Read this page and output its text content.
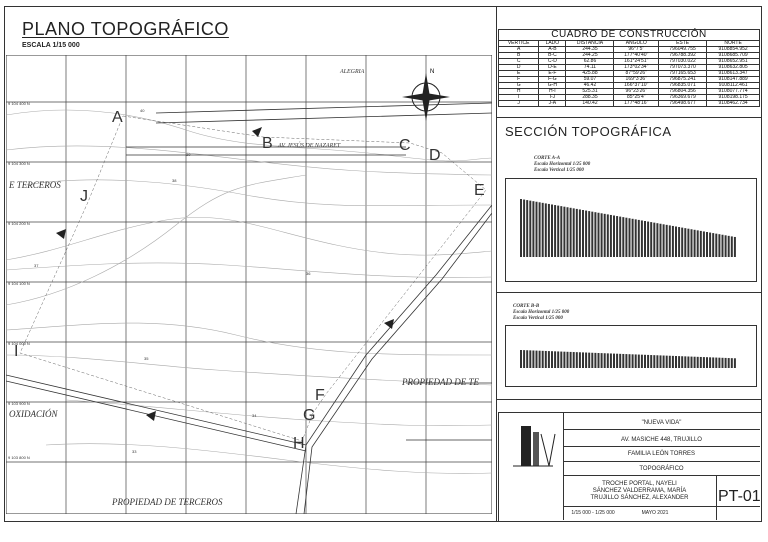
PLANO TOPOGRÁFICO
ESCALA 1/15 000
N
A
B	C
D
E
F
G
H
I
J
ALEGRIA
AV. JESÚS DE NAZARET
E TERCEROS
PROPIEDAD DE TE
OXIDACIÓN
PROPIEDAD DE TERCEROS
9 104 400 N
9 104 300 N
9 104 200 N
9 104 100 N
9 104 000 N
9 103 900 N
9 103 800 N
40
39
38
37
36
35
34
33
CUADRO DE CONSTRUCCIÓN					
VERTICE	LADO	DISTANCIA	ANGULO	ESTE	NORTE
A	A-B	244.35	96°7'5"	796049.755	9108854.952
B	B-C	244.25	177°40'40"	796788.392	9108685.709
C	C-D	62.86	161°24'51"	797030.022	9108652.951
D	D-E	74.11	173°02'34"	797073.370	9108632.805
E	E-F	425.88	87°59'26"	797165.653	9108613.347
F	F-G	59.07	169°3'36"	796875.241	9108147.889
G	G-H	46.42	166°37'10"	796835.071	9108112.461
H	H-I	525.31	96°23'26"	796804.356	9108077.774
I	I-J	288.35	85°25'4"	796369.679	9108198.175
J	J-A	140.42	177°48'16"	796498.677	9108462.734
SECCIÓN TOPOGRÁFICA
CORTE A-A
Escala Horizontal 1/25 000
Escala Vertical 1/25 000
CORTE B-B
Escala Horizontal 1/25 000
Escala Vertical 1/25 000
"NUEVA VIDA"
AV. MASICHE 448, TRUJILLO
FAMILIA LEÓN TORRES
TOPOGRÁFICO
TROCHE PORTAL, NAYELI
SÁNCHEZ VALDERRAMA, MARÍA
TRUJILLO SÁNCHEZ, ALEXANDER
1/15 000 - 1/25 000	MAYO 2021
PT-01
